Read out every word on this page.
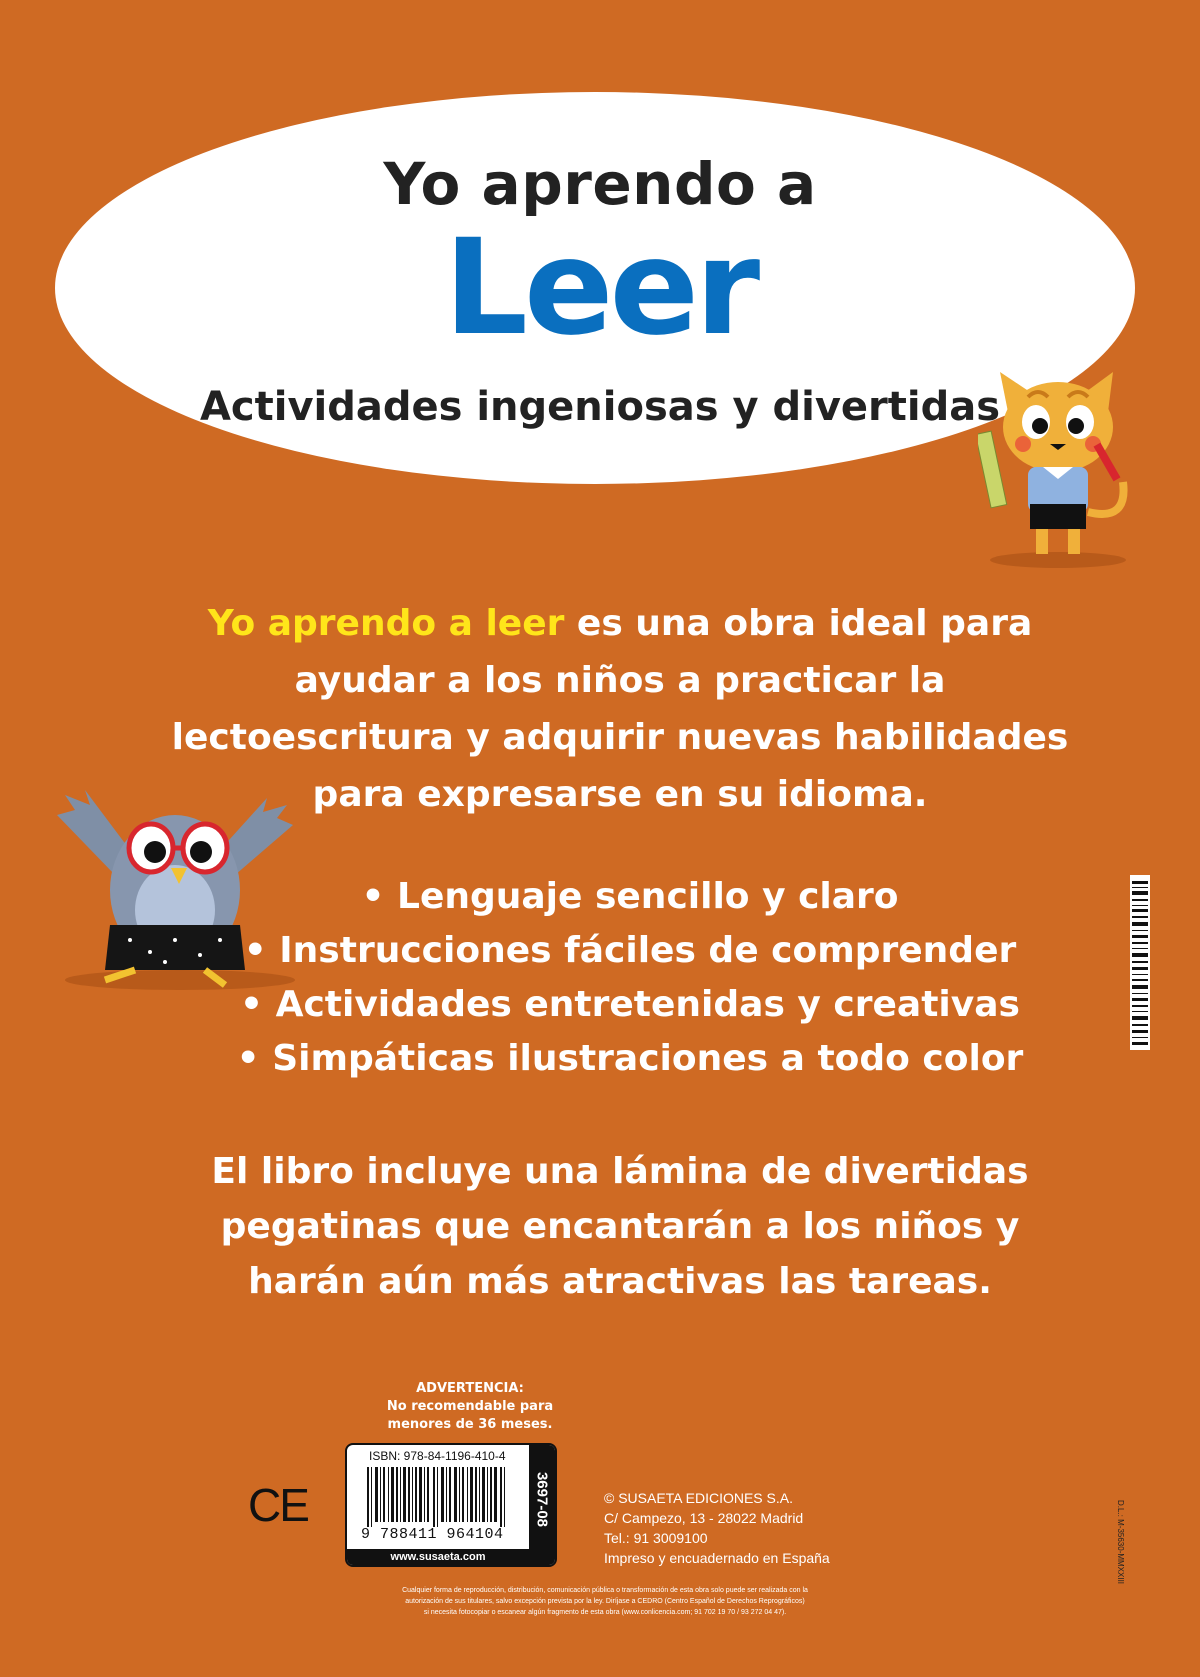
Yo aprendo a
Leer
Actividades ingeniosas y divertidas
Yo aprendo a leer es una obra ideal para ayudar a los niños a practicar la lectoescritura y adquirir nuevas habilidades para expresarse en su idioma.
• Lenguaje sencillo y claro
• Instrucciones fáciles de comprender
• Actividades entretenidas y creativas
• Simpáticas ilustraciones a todo color
El libro incluye una lámina de divertidas pegatinas que encantarán a los niños y harán aún más atractivas las tareas.
ADVERTENCIA:
No recomendable para
menores de 36 meses.
CE
ISBN: 978-84-1196-410-4
9 788411 964104
www.susaeta.com
3697-08	© SUSAETA EDICIONES S.A.
C/ Campezo, 13 - 28022 Madrid
Tel.: 91 3009100
Impreso y encuadernado en España
Cualquier forma de reproducción, distribución, comunicación pública o transformación de esta obra solo puede ser realizada con la
autorización de sus titulares, salvo excepción prevista por la ley. Diríjase a CEDRO (Centro Español de Derechos Reprográficos)
si necesita fotocopiar o escanear algún fragmento de esta obra (www.conlicencia.com; 91 702 19 70 / 93 272 04 47).
D.L.: M-35630-MMXXIII
